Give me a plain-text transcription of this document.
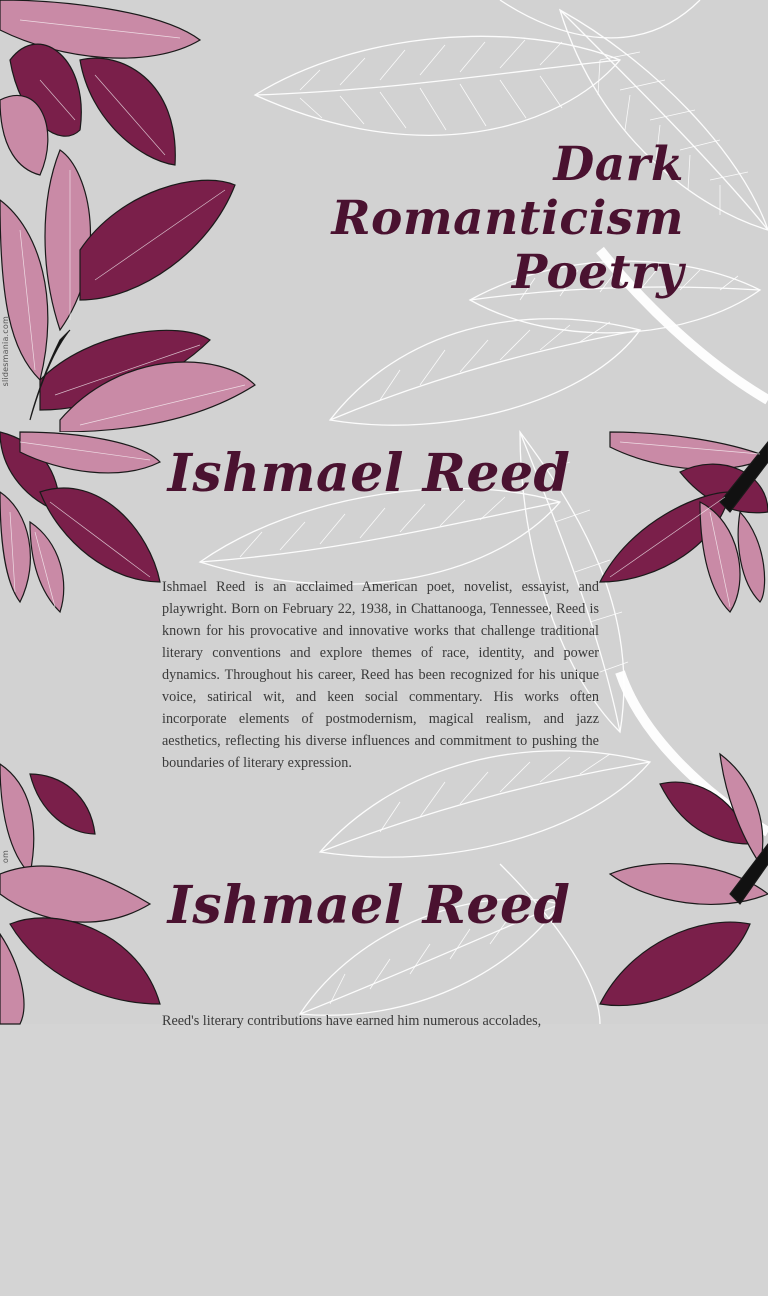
slidesmania.com

Dark Romanticism
Poetry

Ishmael Reed

Ishmael Reed is an acclaimed American poet, novelist, essayist, and playwright. Born on February 22, 1938, in Chattanooga, Tennessee, Reed is known for his provocative and innovative works that challenge traditional literary conventions and explore themes of race, identity, and power dynamics. Throughout his career, Reed has been recognized for his unique voice, satirical wit, and keen social commentary. His works often incorporate elements of postmodernism, magical realism, and jazz aesthetics, reflecting his diverse influences and commitment to pushing the boundaries of literary expression.

Ishmael Reed

Reed's literary contributions have earned him numerous accolades,
